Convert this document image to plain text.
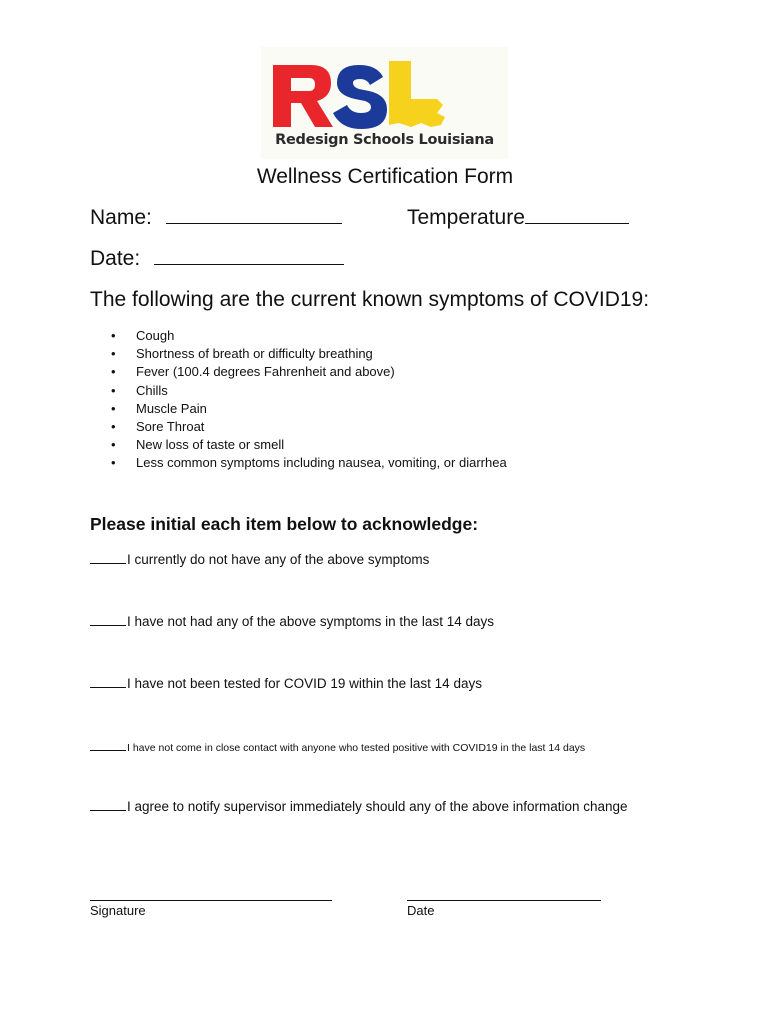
Redesign Schools Louisiana
Wellness Certification Form
Name:	Temperature
Date:
The following are the current known symptoms of COVID19:
• Cough
• Shortness of breath or difficulty breathing
• Fever (100.4 degrees Fahrenheit and above)
• Chills
• Muscle Pain
• Sore Throat
• New loss of taste or smell
• Less common symptoms including nausea, vomiting, or diarrhea
Please initial each item below to acknowledge:
I currently do not have any of the above symptoms
I have not had any of the above symptoms in the last 14 days
I have not been tested for COVID 19 within the last 14 days
I have not come in close contact with anyone who tested positive with COVID19 in the last 14 days
I agree to notify supervisor immediately should any of the above information change
Signature	Date
